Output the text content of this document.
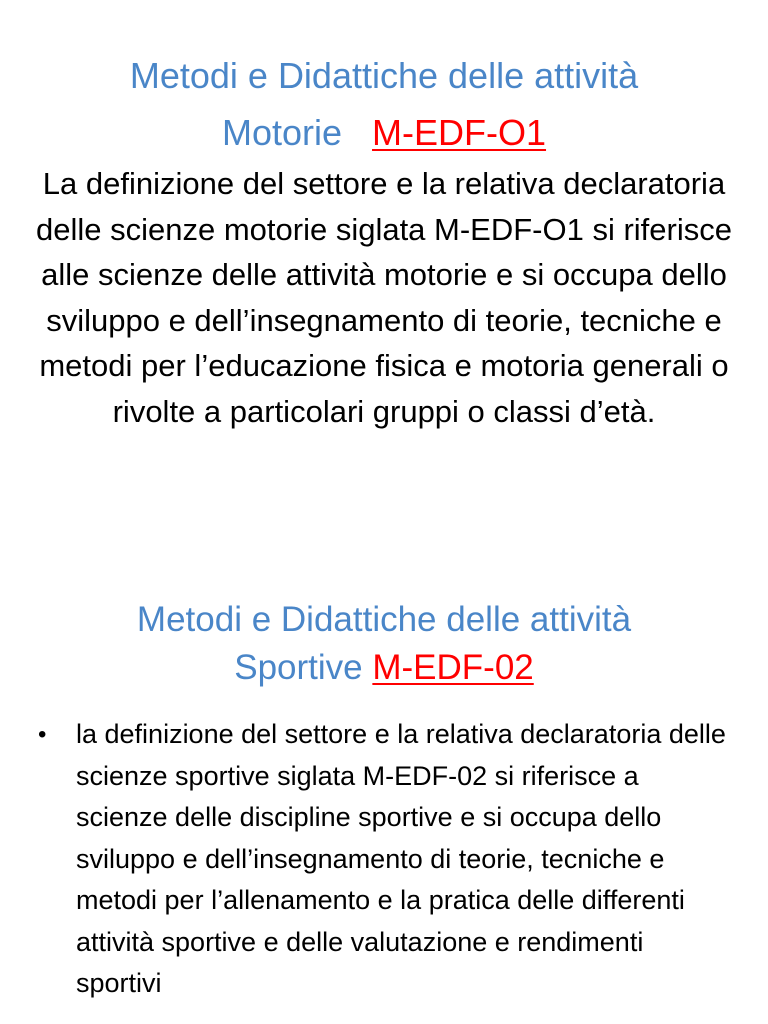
Metodi e Didattiche delle attività
Motorie M-EDF-O1

La definizione del settore e la relativa declaratoria delle scienze motorie siglata M-EDF-O1 si riferisce alle scienze delle attività motorie e si occupa dello sviluppo e dell’insegnamento di teorie, tecniche e metodi per l’educazione fisica e motoria generali o rivolte a particolari gruppi o classi d’età.

Metodi e Didattiche delle attività
Sportive M-EDF-02
•	la definizione del settore e la relativa declaratoria delle scienze sportive siglata M-EDF-02 si riferisce a scienze delle discipline sportive e si occupa dello sviluppo e dell’insegnamento di teorie, tecniche e metodi per l’allenamento e la pratica delle differenti attività sportive e delle valutazione e rendimenti sportivi
